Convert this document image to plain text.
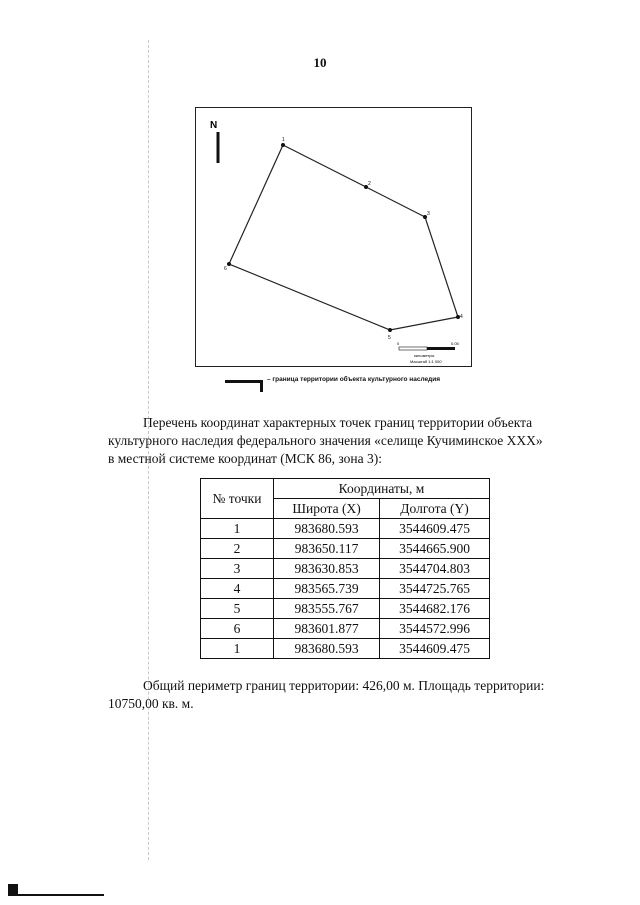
10
N
1
2
3
4
5
6
0	0.05
километры
Масштаб 1:1 000
– граница территории объекта культурного наследия
Перечень координат характерных точек границ территории объекта
культурного наследия федерального значения «селище Кучиминское XXX»
в местной системе координат (МСК 86, зона 3):
№ точки	Координаты, м	
	Широта (X)	Долгота (Y)
1	983680.593	3544609.475
2	983650.117	3544665.900
3	983630.853	3544704.803
4	983565.739	3544725.765
5	983555.767	3544682.176
6	983601.877	3544572.996
1	983680.593	3544609.475
Общий периметр границ территории: 426,00 м. Площадь территории:
10750,00 кв. м.
